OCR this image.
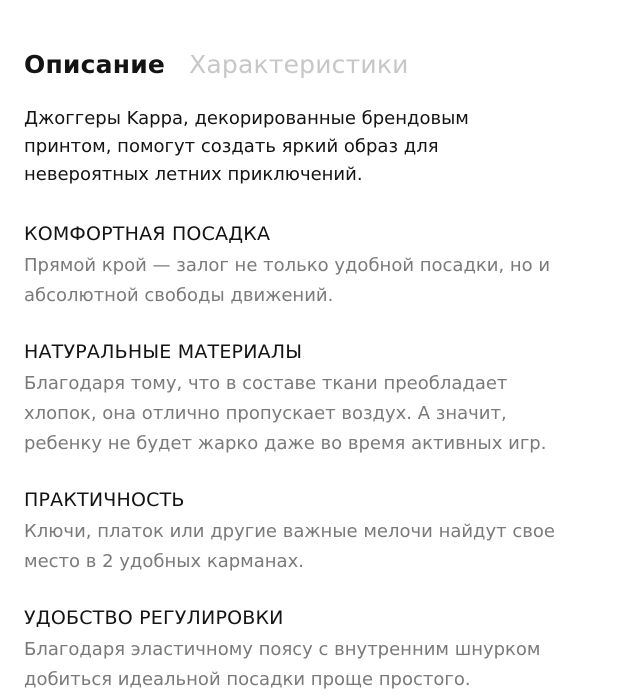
Описание Характеристики
Джоггеры Kappa, декорированные брендовым принтом, помогут создать яркий образ для невероятных летних приключений.
КОМФОРТНАЯ ПОСАДКА
Прямой крой — залог не только удобной посадки, но и абсолютной свободы движений.
НАТУРАЛЬНЫЕ МАТЕРИАЛЫ
Благодаря тому, что в составе ткани преобладает хлопок, она отлично пропускает воздух. А значит, ребенку не будет жарко даже во время активных игр.
ПРАКТИЧНОСТЬ
Ключи, платок или другие важные мелочи найдут свое место в 2 удобных карманах.
УДОБСТВО РЕГУЛИРОВКИ
Благодаря эластичному поясу с внутренним шнурком добиться идеальной посадки проще простого.
